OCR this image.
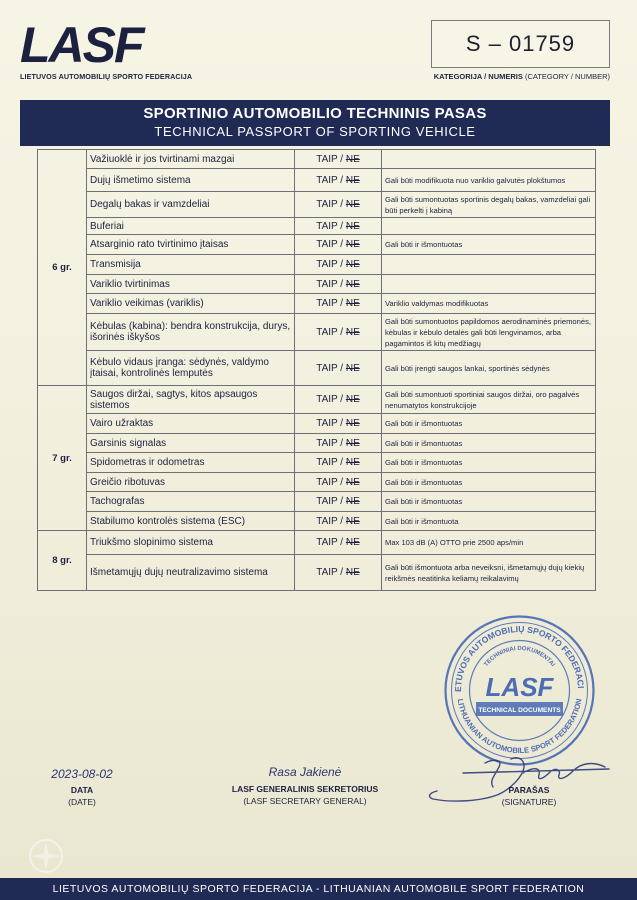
LASF
LIETUVOS AUTOMOBILIŲ SPORTO FEDERACIJA
S – 01759
KATEGORIJA / NUMERIS (CATEGORY / NUMBER)
SPORTINIO AUTOMOBILIO TECHNINIS PASAS
TECHNICAL PASSPORT OF SPORTING VEHICLE
6 gr.	Važiuoklė ir jos tvirtinami mazgai	TAIP / NE	
	Dujų išmetimo sistema	TAIP / NE	Gali būti modifikuota nuo variklio galvutės plokštumos
	Degalų bakas ir vamzdeliai	TAIP / NE	Gali būti sumontuotas sportinis degalų bakas, vamzdeliai gali būti perkelti į kabiną
	Buferiai	TAIP / NE	
	Atsarginio rato tvirtinimo įtaisas	TAIP / NE	Gali būti ir išmontuotas
	Transmisija	TAIP / NE	
	Variklio tvirtinimas	TAIP / NE	
	Variklio veikimas (variklis)	TAIP / NE	Variklio valdymas modifikuotas
	Kėbulas (kabina): bendra konstrukcija, durys, išorinės iškyšos	TAIP / NE	Gali būti sumontuotos papildomos aerodinaminės priemonės, kėbulas ir kėbulo detalės gali būti lengvinamos, arba pagamintos iš kitų medžiagų
	Kėbulo vidaus įranga: sėdynės, valdymo įtaisai, kontrolinės lemputės	TAIP / NE	Gali būti įrengti saugos lankai, sportinės sėdynės
7 gr.	Saugos diržai, sagtys, kitos apsaugos sistemos	TAIP / NE	Gali būti sumontuoti sportiniai saugos diržai, oro pagalvės nenumatytos konstrukcijoje
	Vairo užraktas	TAIP / NE	Gali būti ir išmontuotas
	Garsinis signalas	TAIP / NE	Gali būti ir išmontuotas
	Spidometras ir odometras	TAIP / NE	Gali būti ir išmontuotas
	Greičio ribotuvas	TAIP / NE	Gali būti ir išmontuotas
	Tachografas	TAIP / NE	Gali būti ir išmontuotas
	Stabilumo kontrolės sistema (ESC)	TAIP / NE	Gali būti ir išmontuota
8 gr.	Triukšmo slopinimo sistema	TAIP / NE	Max 103 dB (A) OTTO prie 2500 aps/min
	Išmetamųjų dujų neutralizavimo sistema	TAIP / NE	Gali būti išmontuota arba neveiksni, išmetamųjų dujų kiekių reikšmės neatitinka keliamų reikalavimų
ETUVOS AUTOMOBILIŲ SPORTO FEDERACI
LITHUANIAN AUTOMOBILE SPORT FEDERATION
TECHNINIAI DOKUMENTAI
LASF
TECHNICAL DOCUMENTS
2023-08-02
DATA
(DATE)
Rasa Jakienė
LASF GENERALINIS SEKRETORIUS
(LASF SECRETARY GENERAL)
PARAŠAS
(SIGNATURE)
LIETUVOS AUTOMOBILIŲ SPORTO FEDERACIJA - LITHUANIAN AUTOMOBILE SPORT FEDERATION
